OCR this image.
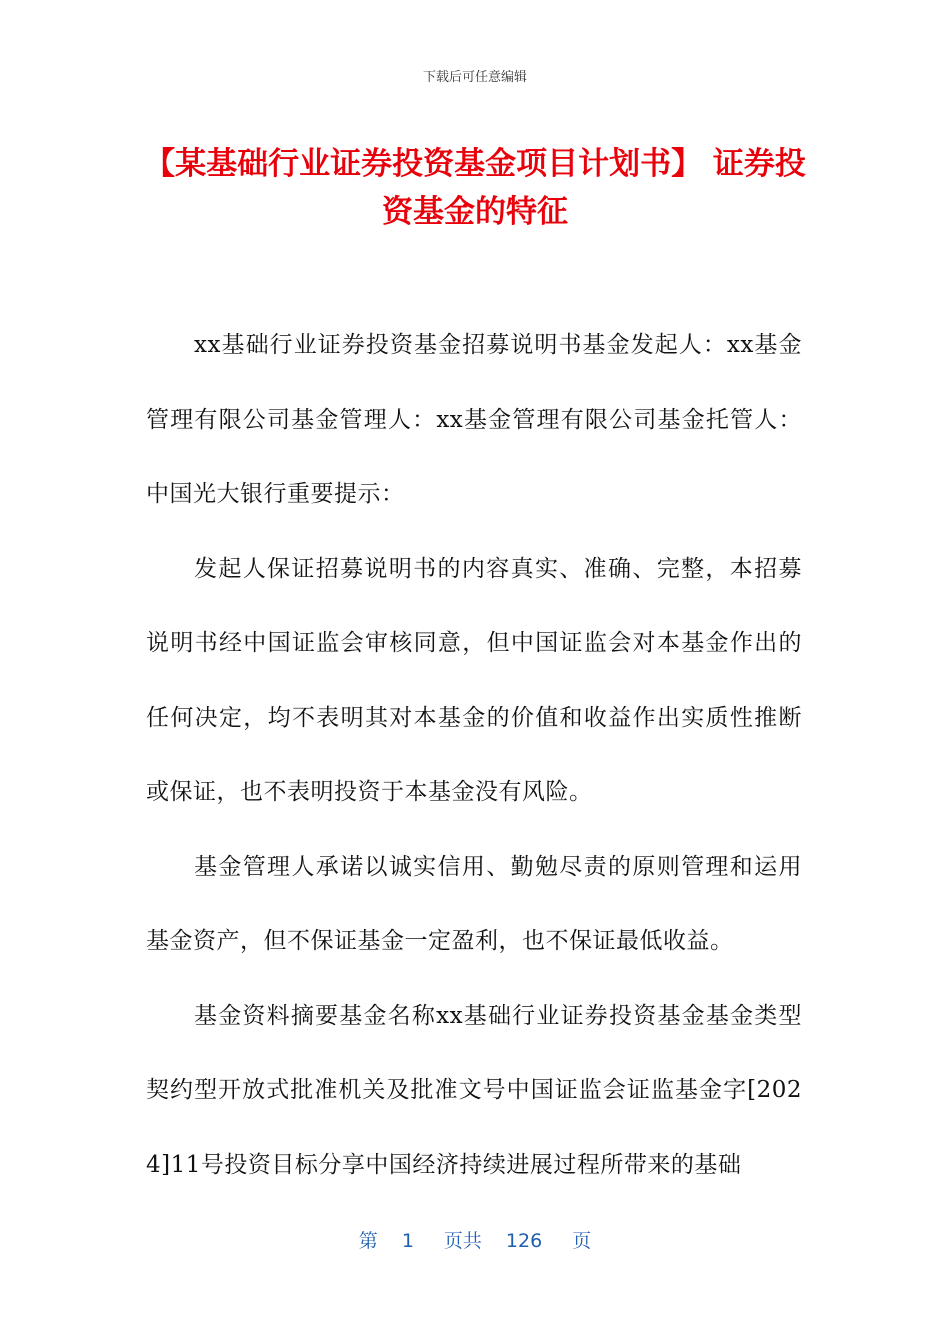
下载后可任意编辑
【某基础行业证券投资基金项目计划书】 证券投资基金的特征

xx基础行业证券投资基金招募说明书基金发起人：xx基金管理有限公司基金管理人：xx基金管理有限公司基金托管人：中国光大银行重要提示：

发起人保证招募说明书的内容真实、准确、完整，本招募说明书经中国证监会审核同意，但中国证监会对本基金作出的任何决定，均不表明其对本基金的价值和收益作出实质性推断或保证，也不表明投资于本基金没有风险。

基金管理人承诺以诚实信用、勤勉尽责的原则管理和运用基金资产，但不保证基金一定盈利，也不保证最低收益。

基金资料摘要基金名称xx基础行业证券投资基金基金类型契约型开放式批准机关及批准文号中国证监会证监基金字[2024]11号投资目标分享中国经济持续进展过程所带来的基础

第 1 页共 126 页
